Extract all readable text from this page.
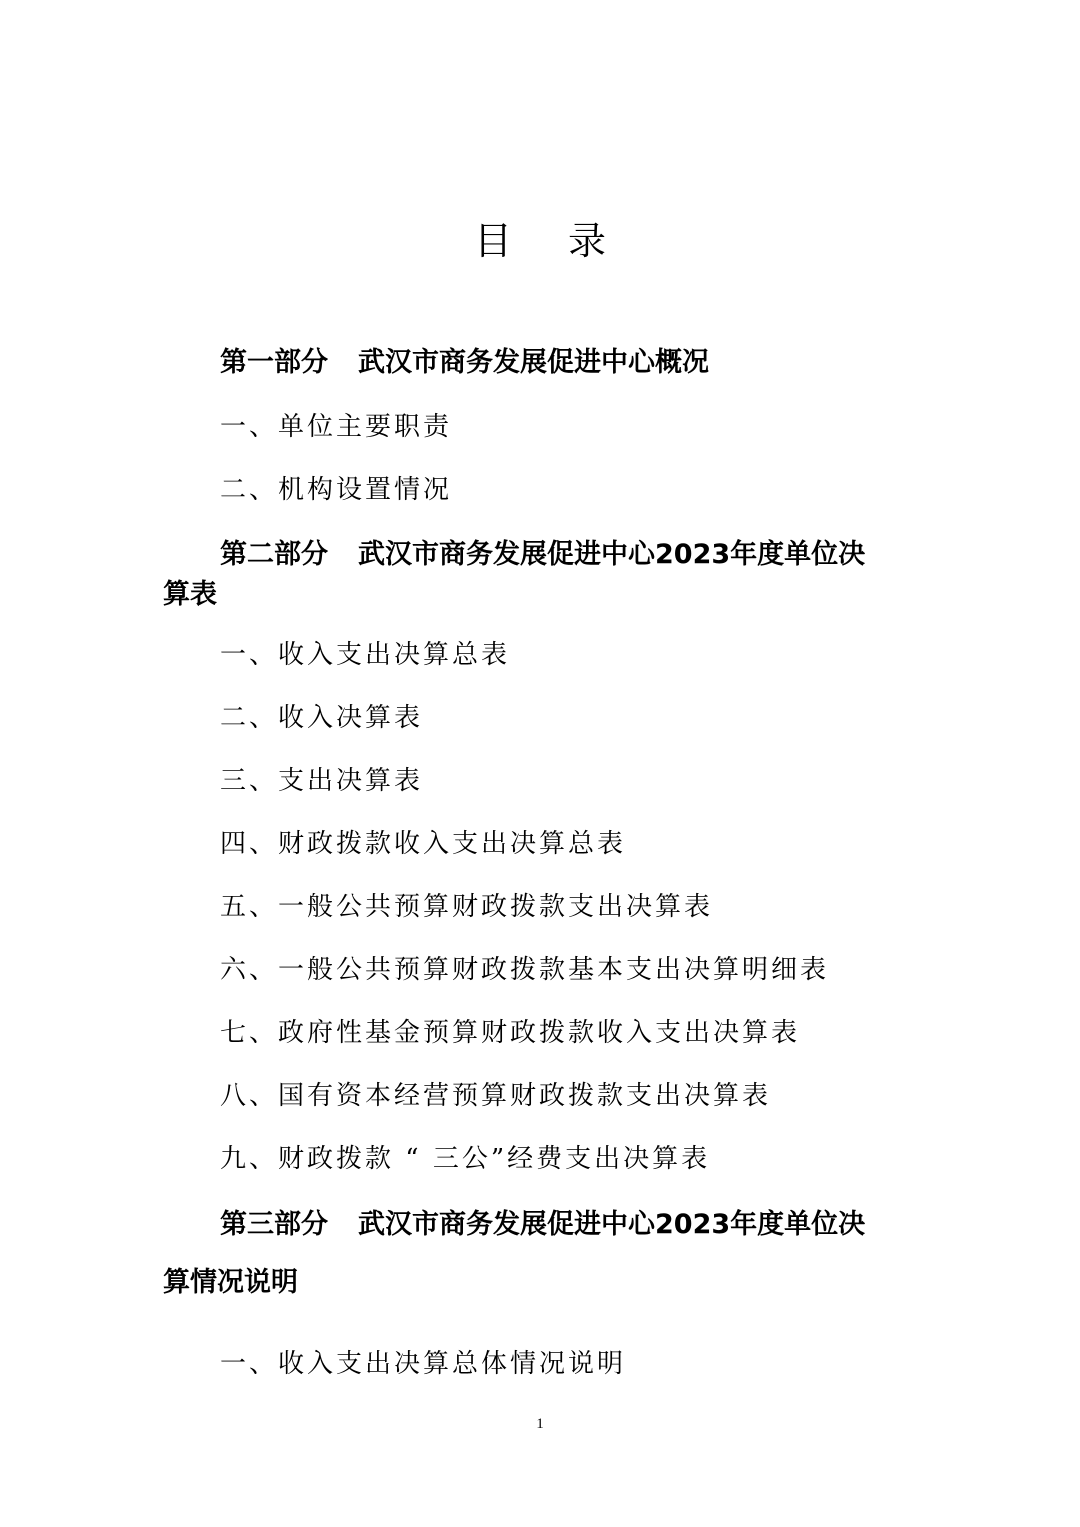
目 录
第一部分 武汉市商务发展促进中心概况
一、单位主要职责
二、机构设置情况
第二部分 武汉市商务发展促进中心2023年度单位决
算表
一、收入支出决算总表
二、收入决算表
三、支出决算表
四、财政拨款收入支出决算总表
五、一般公共预算财政拨款支出决算表
六、一般公共预算财政拨款基本支出决算明细表
七、政府性基金预算财政拨款收入支出决算表
八、国有资本经营预算财政拨款支出决算表
九、财政拨款 “ 三公”经费支出决算表
第三部分 武汉市商务发展促进中心2023年度单位决
算情况说明
一、收入支出决算总体情况说明
1
